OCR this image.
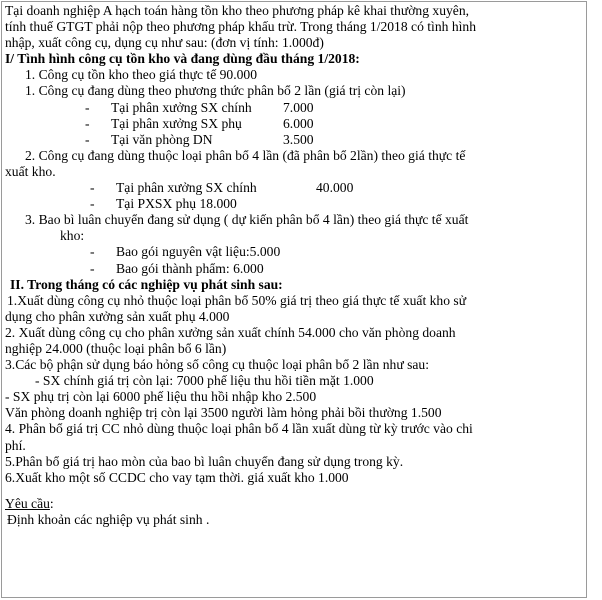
Tại doanh nghiệp A hạch toán hàng tồn kho theo phương pháp kê khai thường xuyên,
tính thuế GTGT phải nộp theo phương pháp khấu trừ. Trong tháng 1/2018 có tình hình
nhập, xuất công cụ, dụng cụ như sau: (đơn vị tính: 1.000đ)
I/ Tình hình công cụ tồn kho và đang dùng đầu tháng 1/2018:
1. Công cụ tồn kho theo giá thực tế 90.000
1. Công cụ đang dùng theo phương thức phân bổ 2 lần (giá trị còn lại)
- Tại phân xưởng SX chính 7.000
- Tại phân xưởng SX phụ	6.000
- Tại văn phòng DN	3.500
2. Công cụ đang dùng thuộc loại phân bổ 4 lần (đã phân bổ 2lần) theo giá thực tế
xuất kho.
- Tại phân xưởng SX chính	40.000
- Tại PXSX phụ 18.000
3. Bao bì luân chuyển đang sử dụng ( dự kiến phân bổ 4 lần) theo giá thực tế xuất
kho:
- Bao gói nguyên vật liệu:5.000
- Bao gói thành phẩm: 6.000
II. Trong tháng có các nghiệp vụ phát sinh sau:
1.Xuất dùng công cụ nhỏ thuộc loại phân bổ 50% giá trị theo giá thực tế xuất kho sử
dụng cho phân xưởng sản xuất phụ 4.000
2. Xuất dùng công cụ cho phân xưởng sản xuất chính 54.000 cho văn phòng doanh
nghiệp 24.000 (thuộc loại phân bổ 6 lần)
3.Các bộ phận sử dụng báo hỏng số công cụ thuộc loại phân bổ 2 lần như sau:
- SX chính giá trị còn lại: 7000 phế liệu thu hồi tiền mặt 1.000
- SX phụ trị còn lại 6000 phế liệu thu hồi nhập kho 2.500
Văn phòng doanh nghiệp trị còn lại 3500 người làm hỏng phải bồi thường 1.500
4. Phân bổ giá trị CC nhỏ dùng thuộc loại phân bổ 4 lần xuất dùng từ kỳ trước vào chi
phí.
5.Phân bổ giá trị hao mòn của bao bì luân chuyển đang sử dụng trong kỳ.
6.Xuất kho một số CCDC cho vay tạm thời. giá xuất kho 1.000
Yêu cầu:
Định khoản các nghiệp vụ phát sinh .
